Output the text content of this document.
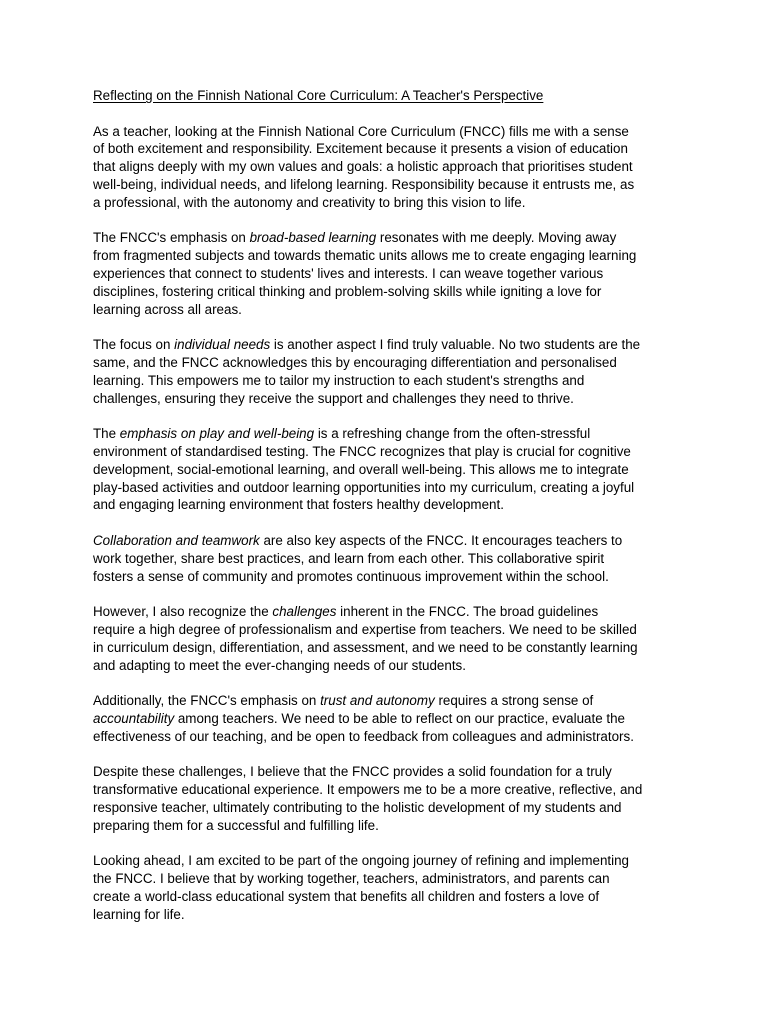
Reflecting on the Finnish National Core Curriculum: A Teacher's Perspective
As a teacher, looking at the Finnish National Core Curriculum (FNCC) fills me with a sense
of both excitement and responsibility. Excitement because it presents a vision of education
that aligns deeply with my own values and goals: a holistic approach that prioritises student
well-being, individual needs, and lifelong learning. Responsibility because it entrusts me, as
a professional, with the autonomy and creativity to bring this vision to life.
The FNCC's emphasis on broad-based learning resonates with me deeply. Moving away
from fragmented subjects and towards thematic units allows me to create engaging learning
experiences that connect to students' lives and interests. I can weave together various
disciplines, fostering critical thinking and problem-solving skills while igniting a love for
learning across all areas.
The focus on individual needs is another aspect I find truly valuable. No two students are the
same, and the FNCC acknowledges this by encouraging differentiation and personalised
learning. This empowers me to tailor my instruction to each student's strengths and
challenges, ensuring they receive the support and challenges they need to thrive.
The emphasis on play and well-being is a refreshing change from the often-stressful
environment of standardised testing. The FNCC recognizes that play is crucial for cognitive
development, social-emotional learning, and overall well-being. This allows me to integrate
play-based activities and outdoor learning opportunities into my curriculum, creating a joyful
and engaging learning environment that fosters healthy development.
Collaboration and teamwork are also key aspects of the FNCC. It encourages teachers to
work together, share best practices, and learn from each other. This collaborative spirit
fosters a sense of community and promotes continuous improvement within the school.
However, I also recognize the challenges inherent in the FNCC. The broad guidelines
require a high degree of professionalism and expertise from teachers. We need to be skilled
in curriculum design, differentiation, and assessment, and we need to be constantly learning
and adapting to meet the ever-changing needs of our students.
Additionally, the FNCC's emphasis on trust and autonomy requires a strong sense of
accountability among teachers. We need to be able to reflect on our practice, evaluate the
effectiveness of our teaching, and be open to feedback from colleagues and administrators.
Despite these challenges, I believe that the FNCC provides a solid foundation for a truly
transformative educational experience. It empowers me to be a more creative, reflective, and
responsive teacher, ultimately contributing to the holistic development of my students and
preparing them for a successful and fulfilling life.
Looking ahead, I am excited to be part of the ongoing journey of refining and implementing
the FNCC. I believe that by working together, teachers, administrators, and parents can
create a world-class educational system that benefits all children and fosters a love of
learning for life.
